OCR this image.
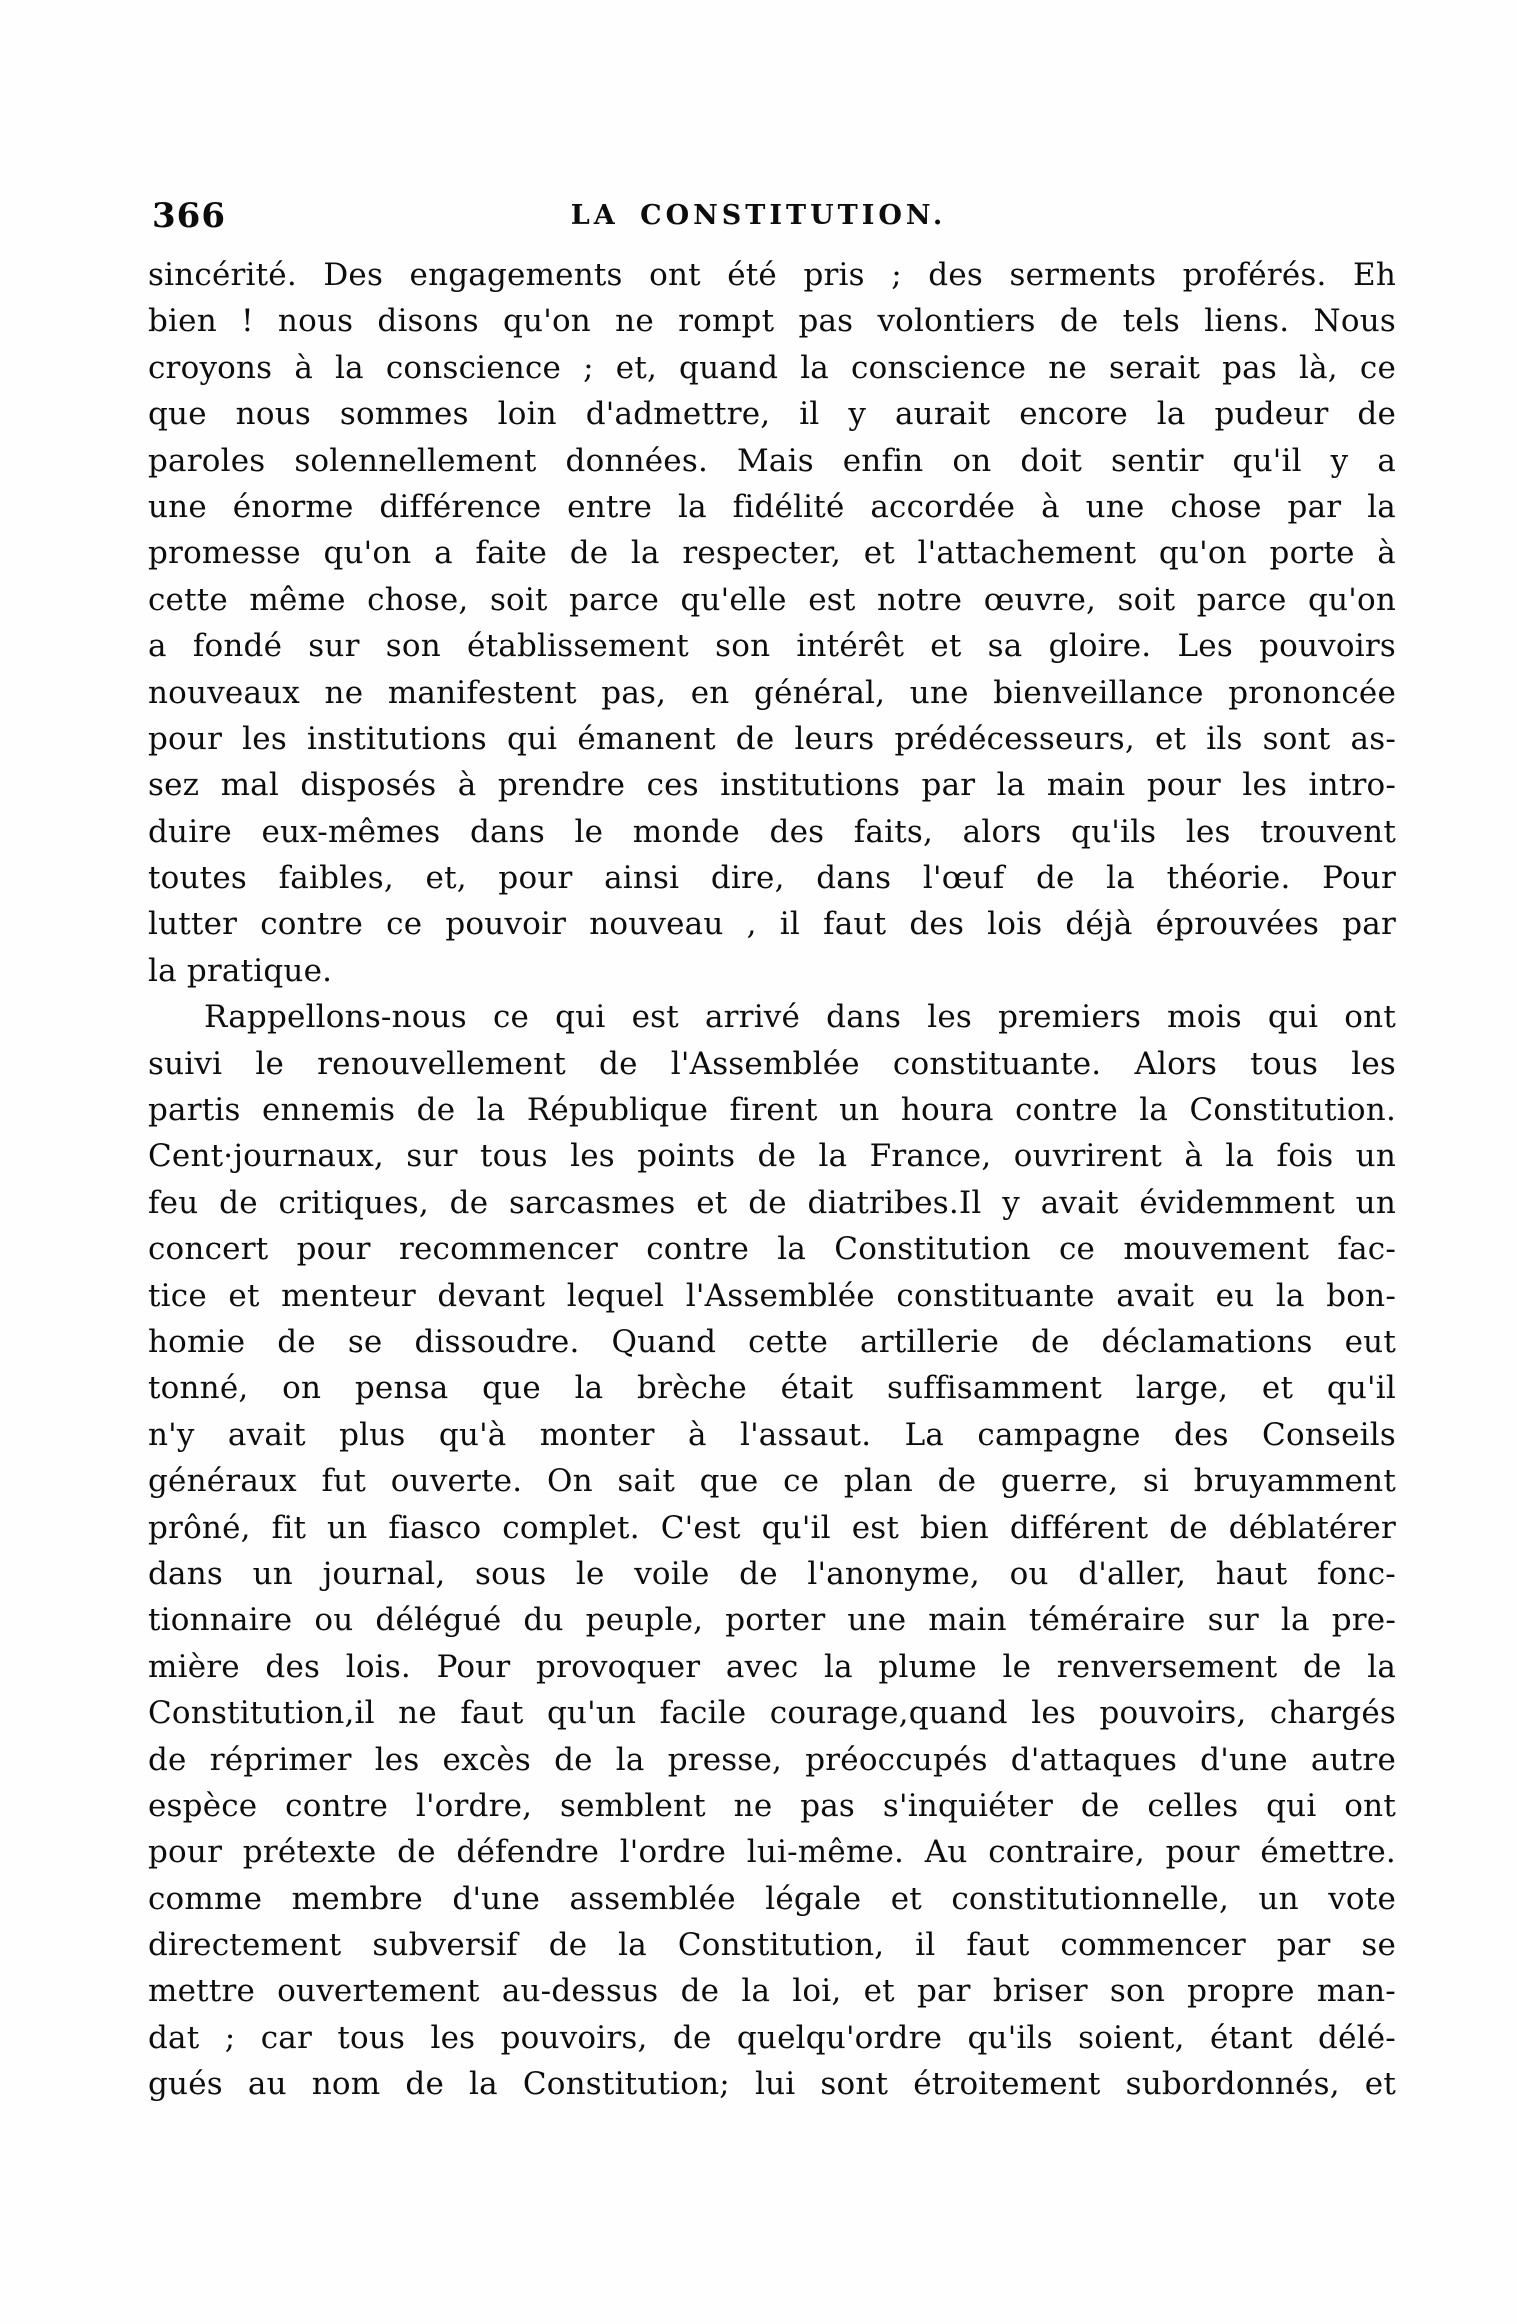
366	LA CONSTITUTION.
sincérité. Des engagements ont été pris ; des serments proférés. Eh
bien ! nous disons qu'on ne rompt pas volontiers de tels liens. Nous
croyons à la conscience ; et, quand la conscience ne serait pas là, ce
que nous sommes loin d'admettre, il y aurait encore la pudeur de
paroles solennellement données. Mais enfin on doit sentir qu'il y a
une énorme différence entre la fidélité accordée à une chose par la
promesse qu'on a faite de la respecter, et l'attachement qu'on porte à
cette même chose, soit parce qu'elle est notre œuvre, soit parce qu'on
a fondé sur son établissement son intérêt et sa gloire. Les pouvoirs
nouveaux ne manifestent pas, en général, une bienveillance prononcée
pour les institutions qui émanent de leurs prédécesseurs, et ils sont as-
sez mal disposés à prendre ces institutions par la main pour les intro-
duire eux-mêmes dans le monde des faits, alors qu'ils les trouvent
toutes faibles, et, pour ainsi dire, dans l'œuf de la théorie. Pour
lutter contre ce pouvoir nouveau , il faut des lois déjà éprouvées par
la pratique.
Rappellons-nous ce qui est arrivé dans les premiers mois qui ont
suivi le renouvellement de l'Assemblée constituante. Alors tous les
partis ennemis de la République firent un houra contre la Constitution.
Cent·journaux, sur tous les points de la France, ouvrirent à la fois un
feu de critiques, de sarcasmes et de diatribes.Il y avait évidemment un
concert pour recommencer contre la Constitution ce mouvement fac-
tice et menteur devant lequel l'Assemblée constituante avait eu la bon-
homie de se dissoudre. Quand cette artillerie de déclamations eut
tonné, on pensa que la brèche était suffisamment large, et qu'il
n'y avait plus qu'à monter à l'assaut. La campagne des Conseils
généraux fut ouverte. On sait que ce plan de guerre, si bruyamment
prôné, fit un fiasco complet. C'est qu'il est bien différent de déblatérer
dans un journal, sous le voile de l'anonyme, ou d'aller, haut fonc-
tionnaire ou délégué du peuple, porter une main téméraire sur la pre-
mière des lois. Pour provoquer avec la plume le renversement de la
Constitution,il ne faut qu'un facile courage,quand les pouvoirs, chargés
de réprimer les excès de la presse, préoccupés d'attaques d'une autre
espèce contre l'ordre, semblent ne pas s'inquiéter de celles qui ont
pour prétexte de défendre l'ordre lui-même. Au contraire, pour émettre.
comme membre d'une assemblée légale et constitutionnelle, un vote
directement subversif de la Constitution, il faut commencer par se
mettre ouvertement au-dessus de la loi, et par briser son propre man-
dat ; car tous les pouvoirs, de quelqu'ordre qu'ils soient, étant délé-
gués au nom de la Constitution; lui sont étroitement subordonnés, et
